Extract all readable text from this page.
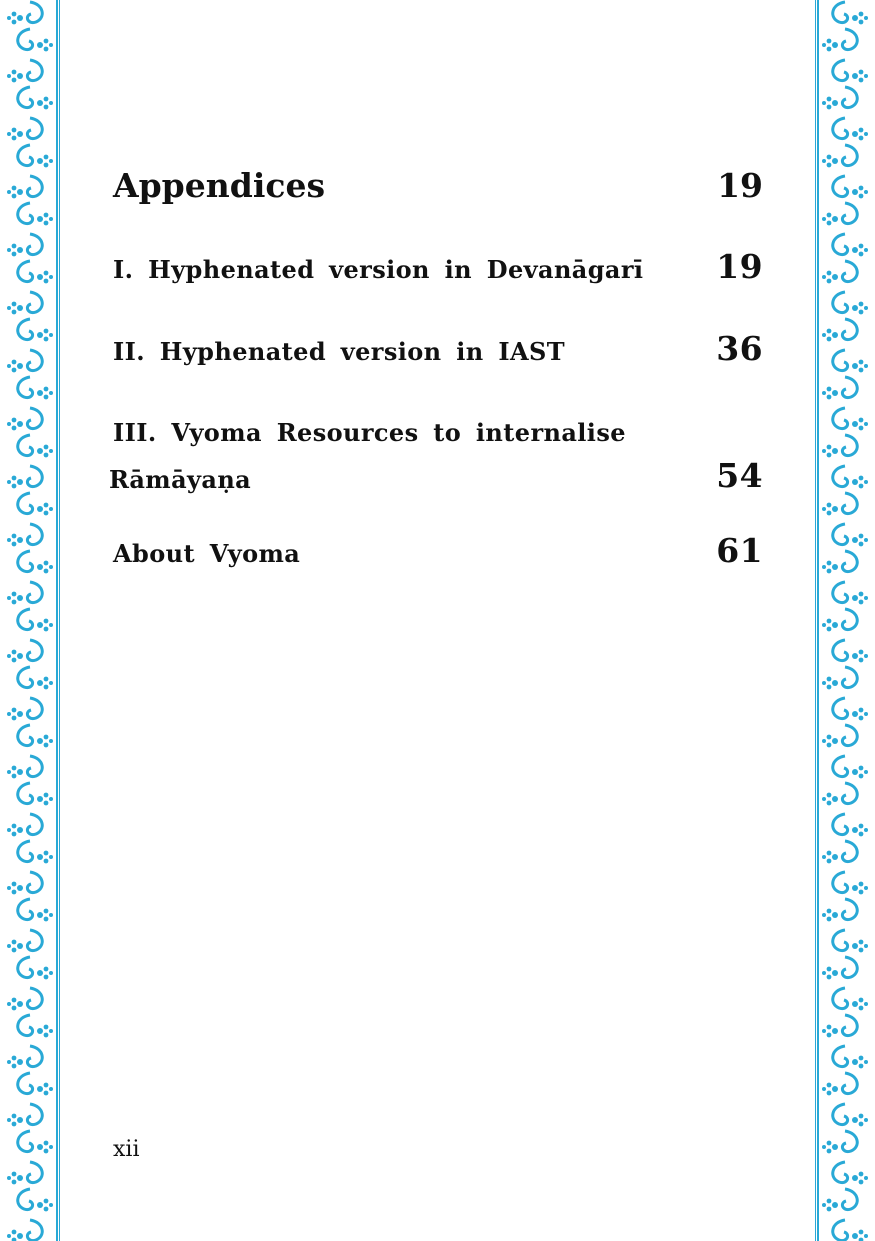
Appendices	19
I. Hyphenated version in Devanāgarī 19
II. Hyphenated version in IAST	36
III. Vyoma Resources to internalise
Rāmāyaṇa	54
About Vyoma	61
xii
